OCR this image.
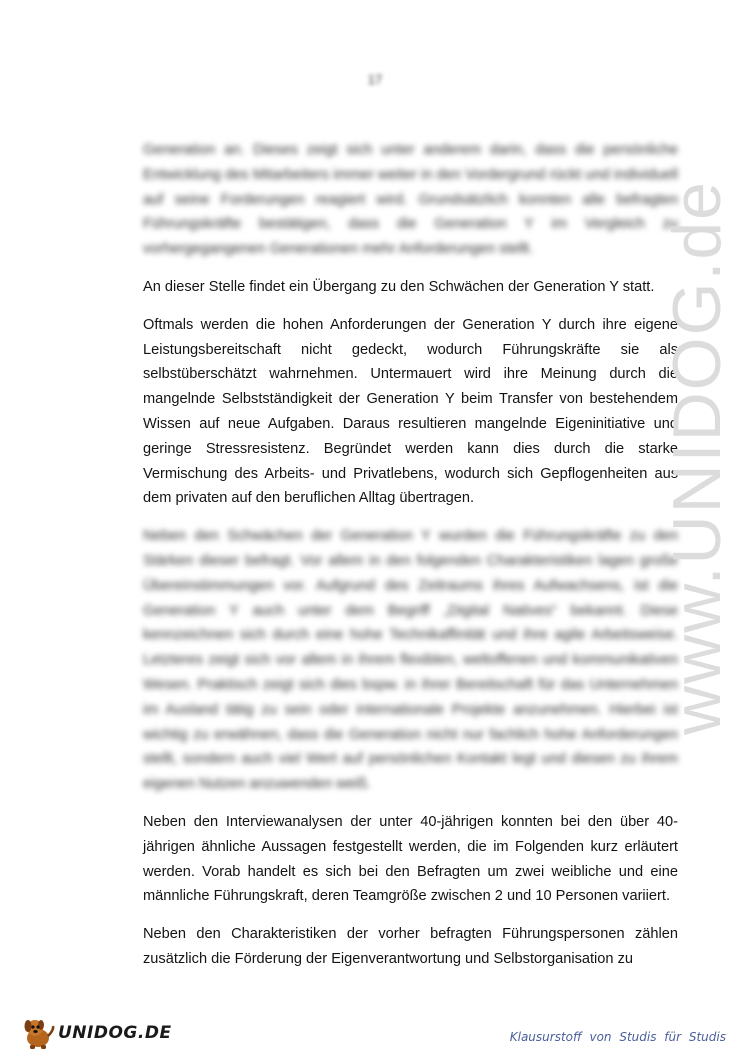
17

Generation an. Dieses zeigt sich unter anderem darin, dass die persönliche Entwicklung des Mitarbeiters immer weiter in den Vordergrund rückt und individuell auf seine Forderungen reagiert wird. Grundsätzlich konnten alle befragten Führungskräfte bestätigen, dass die Generation Y im Vergleich zu vorhergegangenen Generationen mehr Anforderungen stellt.

An dieser Stelle findet ein Übergang zu den Schwächen der Generation Y statt.

Oftmals werden die hohen Anforderungen der Generation Y durch ihre eigene Leistungsbereitschaft nicht gedeckt, wodurch Führungskräfte sie als selbstüberschätzt wahrnehmen. Untermauert wird ihre Meinung durch die mangelnde Selbstständigkeit der Generation Y beim Transfer von bestehendem Wissen auf neue Aufgaben. Daraus resultieren mangelnde Eigeninitiative und geringe Stressresistenz. Begründet werden kann dies durch die starke Vermischung des Arbeits- und Privatlebens, wodurch sich Gepflogenheiten aus dem privaten auf den beruflichen Alltag übertragen.

Neben den Schwächen der Generation Y wurden die Führungskräfte zu den Stärken dieser befragt. Vor allem in den folgenden Charakteristiken lagen große Übereinstimmungen vor. Aufgrund des Zeitraums ihres Aufwachsens, ist die Generation Y auch unter dem Begriff „Digital Natives“ bekannt. Diese kennzeichnen sich durch eine hohe Technikaffinität und ihre agile Arbeitsweise. Letzteres zeigt sich vor allem in ihrem flexiblen, weltoffenen und kommunikativen Wesen. Praktisch zeigt sich dies bspw. in ihrer Bereitschaft für das Unternehmen im Ausland tätig zu sein oder internationale Projekte anzunehmen. Hierbei ist wichtig zu erwähnen, dass die Generation nicht nur fachlich hohe Anforderungen stellt, sondern auch viel Wert auf persönlichen Kontakt legt und diesen zu ihrem eigenen Nutzen anzuwenden weiß.

Neben den Interviewanalysen der unter 40-jährigen konnten bei den über 40-jährigen ähnliche Aussagen festgestellt werden, die im Folgenden kurz erläutert werden. Vorab handelt es sich bei den Befragten um zwei weibliche und eine männliche Führungskraft, deren Teamgröße zwischen 2 und 10 Personen variiert.

Neben den Charakteristiken der vorher befragten Führungspersonen zählen zusätzlich die Förderung der Eigenverantwortung und Selbstorganisation zu

www.UNIDOG.de
UNIDOG.DE	Klausurstoff von Studis für Studis
